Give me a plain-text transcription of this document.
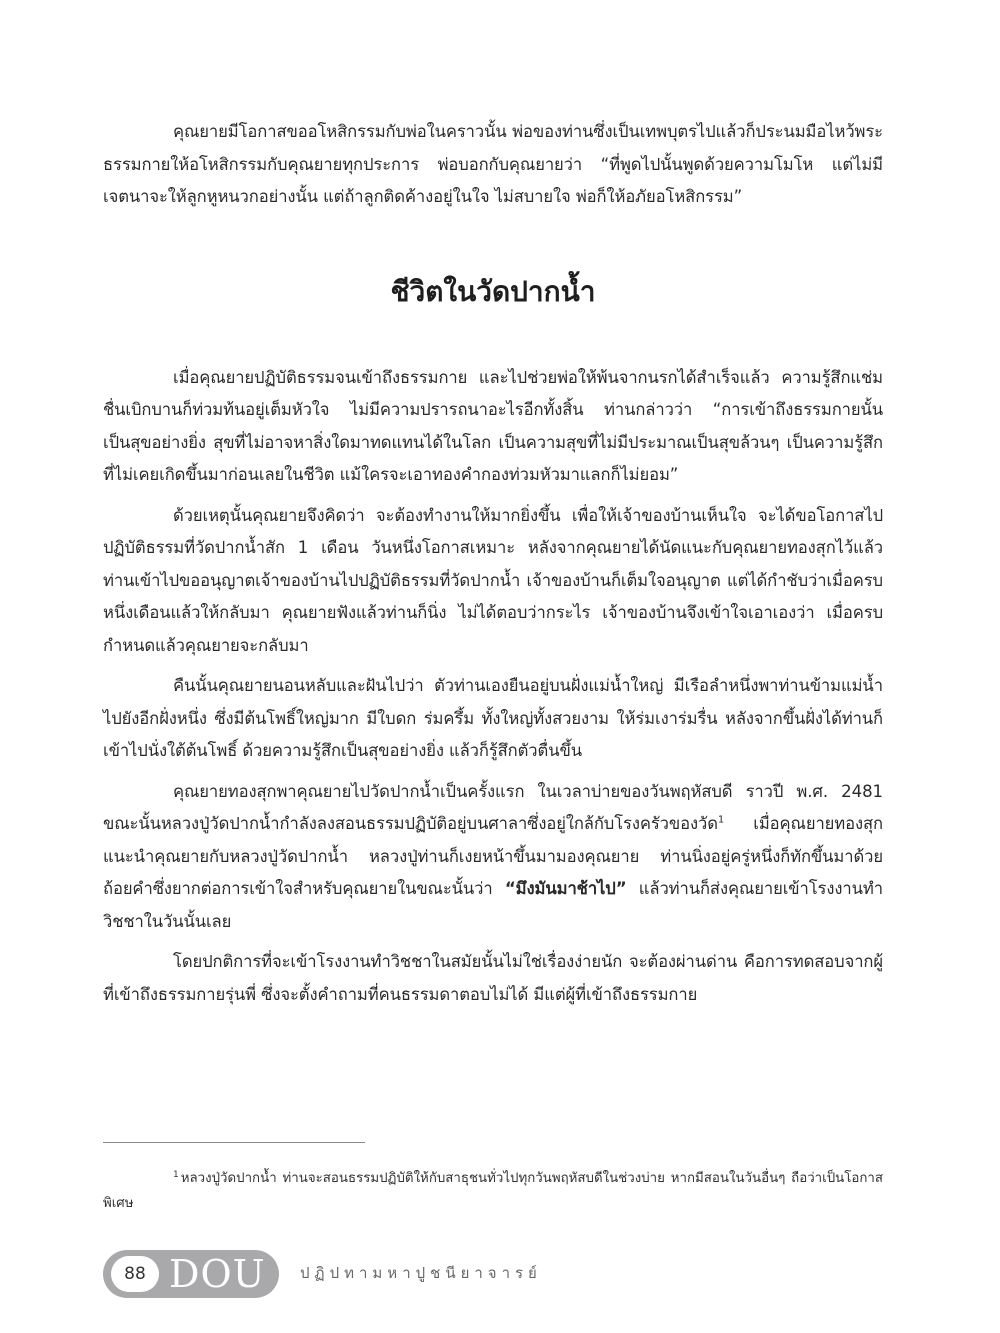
คุณยายมีโอกาสขออโหสิกรรมกับพ่อในคราวนั้น พ่อของท่านซึ่งเป็นเทพบุตรไปแล้วก็ประนมมือไหว้พระธรรมกายให้อโหสิกรรมกับคุณยายทุกประการ พ่อบอกกับคุณยายว่า “ที่พูดไปนั้นพูดด้วยความโมโห แต่ไม่มีเจตนาจะให้ลูกหูหนวกอย่างนั้น แต่ถ้าลูกติดค้างอยู่ในใจ ไม่สบายใจ พ่อก็ให้อภัยอโหสิกรรม”

ชีวิตในวัดปากน้ำ

เมื่อคุณยายปฏิบัติธรรมจนเข้าถึงธรรมกาย และไปช่วยพ่อให้พ้นจากนรกได้สำเร็จแล้ว ความรู้สึกแช่มชื่นเบิกบานก็ท่วมท้นอยู่เต็มหัวใจ ไม่มีความปรารถนาอะไรอีกทั้งสิ้น ท่านกล่าวว่า “การเข้าถึงธรรมกายนั้นเป็นสุขอย่างยิ่ง สุขที่ไม่อาจหาสิ่งใดมาทดแทนได้ในโลก เป็นความสุขที่ไม่มีประมาณเป็นสุขล้วนๆ เป็นความรู้สึกที่ไม่เคยเกิดขึ้นมาก่อนเลยในชีวิต แม้ใครจะเอาทองคำกองท่วมหัวมาแลกก็ไม่ยอม”

ด้วยเหตุนั้นคุณยายจึงคิดว่า จะต้องทำงานให้มากยิ่งขึ้น เพื่อให้เจ้าของบ้านเห็นใจ จะได้ขอโอกาสไปปฏิบัติธรรมที่วัดปากน้ำสัก 1 เดือน วันหนึ่งโอกาสเหมาะ หลังจากคุณยายได้นัดแนะกับคุณยายทองสุกไว้แล้ว ท่านเข้าไปขออนุญาตเจ้าของบ้านไปปฏิบัติธรรมที่วัดปากน้ำ เจ้าของบ้านก็เต็มใจอนุญาต แต่ได้กำชับว่าเมื่อครบหนึ่งเดือนแล้วให้กลับมา คุณยายฟังแล้วท่านก็นิ่ง ไม่ได้ตอบว่ากระไร เจ้าของบ้านจึงเข้าใจเอาเองว่า เมื่อครบกำหนดแล้วคุณยายจะกลับมา

คืนนั้นคุณยายนอนหลับและฝันไปว่า ตัวท่านเองยืนอยู่บนฝั่งแม่น้ำใหญ่ มีเรือลำหนึ่งพาท่านข้ามแม่น้ำไปยังอีกฝั่งหนึ่ง ซึ่งมีต้นโพธิ์ใหญ่มาก มีใบดก ร่มครึ้ม ทั้งใหญ่ทั้งสวยงาม ให้ร่มเงาร่มรื่น หลังจากขึ้นฝั่งได้ท่านก็เข้าไปนั่งใต้ต้นโพธิ์ ด้วยความรู้สึกเป็นสุขอย่างยิ่ง แล้วก็รู้สึกตัวตื่นขึ้น

คุณยายทองสุกพาคุณยายไปวัดปากน้ำเป็นครั้งแรก ในเวลาบ่ายของวันพฤหัสบดี ราวปี พ.ศ. 2481 ขณะนั้นหลวงปู่วัดปากน้ำกำลังลงสอนธรรมปฏิบัติอยู่บนศาลาซึ่งอยู่ใกล้กับโรงครัวของวัด$^1$ เมื่อคุณยายทองสุกแนะนำคุณยายกับหลวงปู่วัดปากน้ำ หลวงปู่ท่านก็เงยหน้าขึ้นมามองคุณยาย ท่านนิ่งอยู่ครู่หนึ่งก็ทักขึ้นมาด้วยถ้อยคำซึ่งยากต่อการเข้าใจสำหรับคุณยายในขณะนั้นว่า “มึงมันมาช้าไป” แล้วท่านก็ส่งคุณยายเข้าโรงงานทำวิชชาในวันนั้นเลย

โดยปกติการที่จะเข้าโรงงานทำวิชชาในสมัยนั้นไม่ใช่เรื่องง่ายนัก จะต้องผ่านด่าน คือการทดสอบจากผู้ที่เข้าถึงธรรมกายรุ่นพี่ ซึ่งจะตั้งคำถามที่คนธรรมดาตอบไม่ได้ มีแต่ผู้ที่เข้าถึงธรรมกาย

$^1$ หลวงปู่วัดปากน้ำ ท่านจะสอนธรรมปฏิบัติให้กับสาธุชนทั่วไปทุกวันพฤหัสบดีในช่วงบ่าย หากมีสอนในวันอื่นๆ ถือว่าเป็นโอกาสพิเศษ
88 DOU ปฏิปทามหาปูชนียาจารย์
